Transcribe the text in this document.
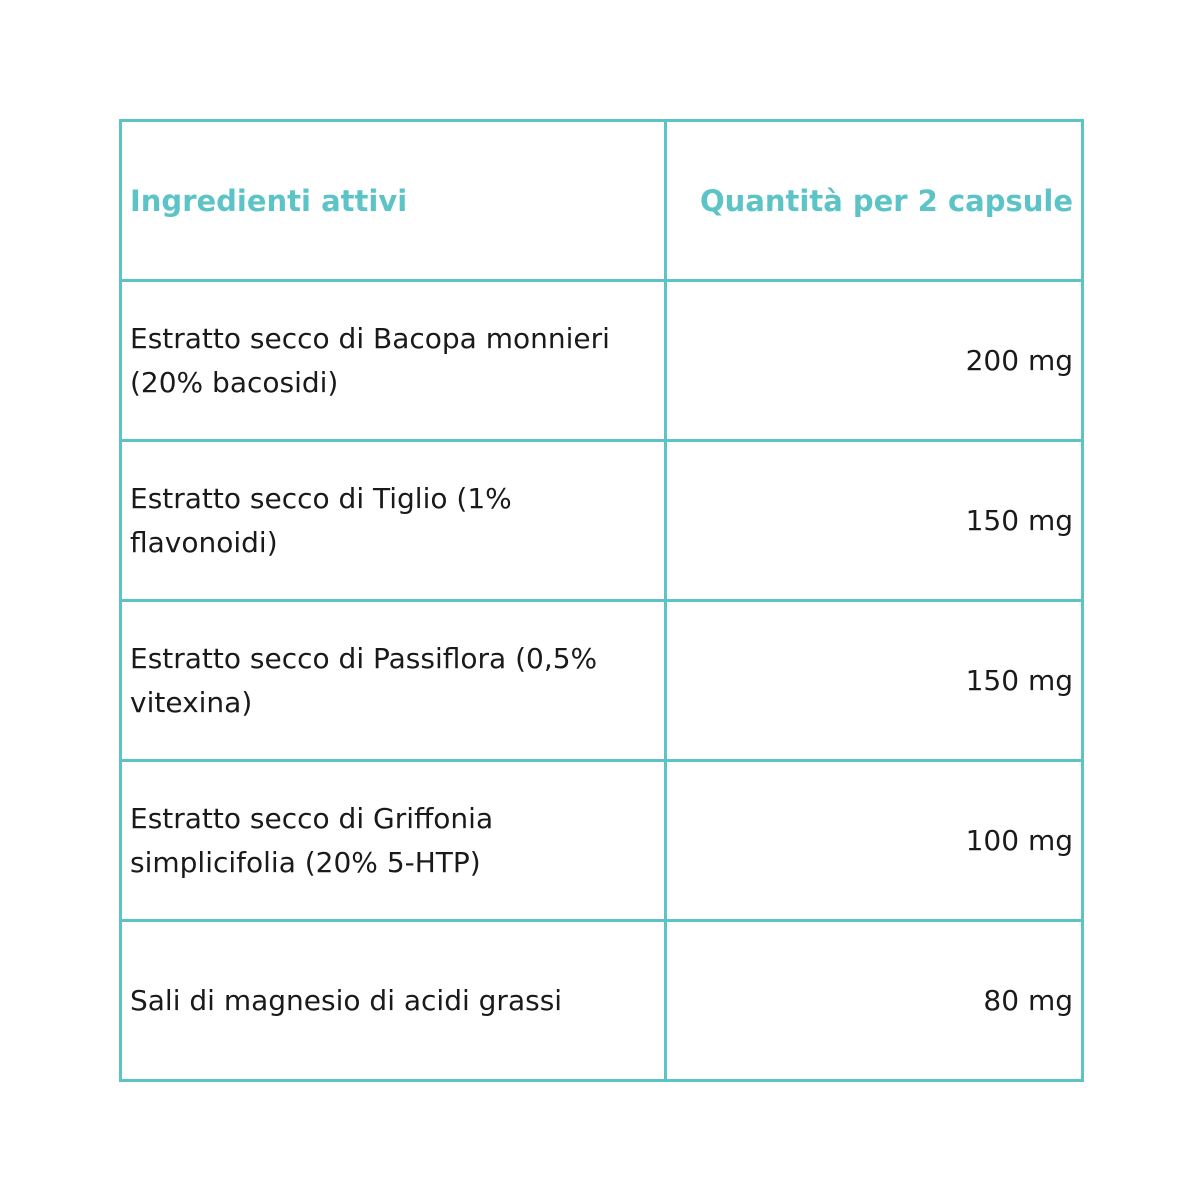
Ingredienti attivi	Quantità per 2 capsule
Estratto secco di Bacopa monnieri (20% bacosidi)	200 mg
Estratto secco di Tiglio (1% flavonoidi)	150 mg
Estratto secco di Passiflora (0,5% vitexina)	150 mg
Estratto secco di Griffonia simplicifolia (20% 5-HTP)	100 mg
Sali di magnesio di acidi grassi	80 mg
